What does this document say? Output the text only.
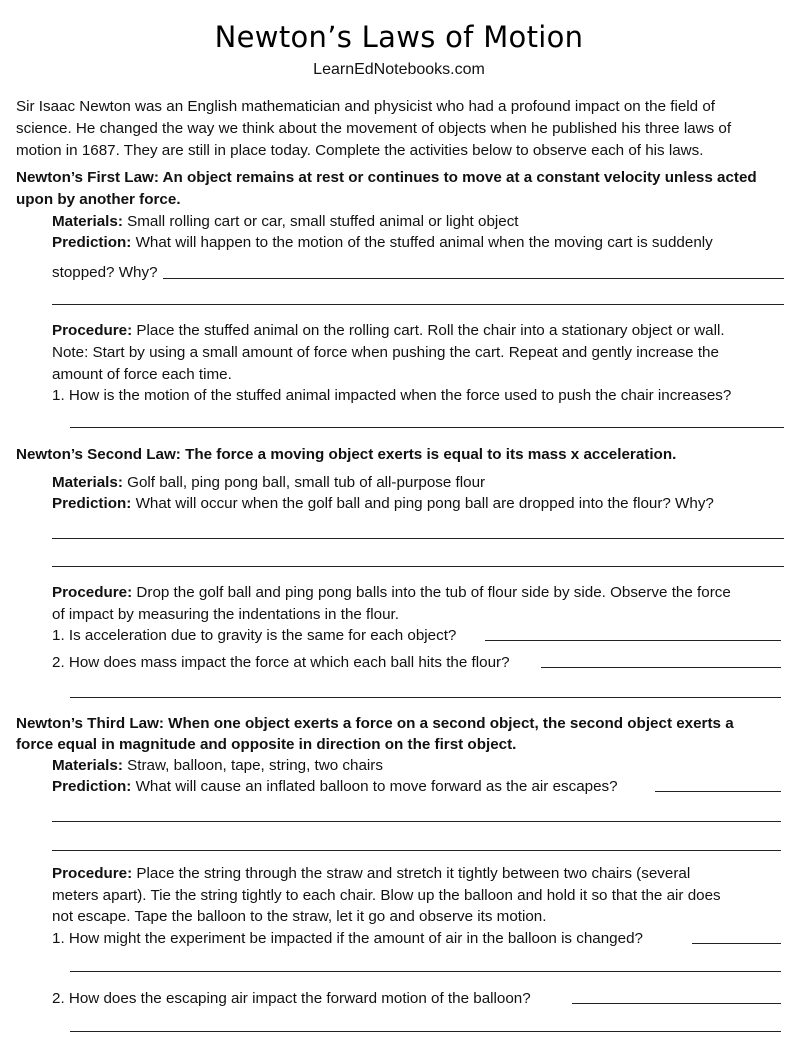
Newton’s Laws of Motion
LearnEdNotebooks.com
Sir Isaac Newton was an English mathematician and physicist who had a profound impact on the field of
science. He changed the way we think about the movement of objects when he published his three laws of
motion in 1687. They are still in place today. Complete the activities below to observe each of his laws.
Newton’s First Law: An object remains at rest or continues to move at a constant velocity unless acted
upon by another force.
Materials: Small rolling cart or car, small stuffed animal or light object
Prediction: What will happen to the motion of the stuffed animal when the moving cart is suddenly
stopped? Why?
Procedure: Place the stuffed animal on the rolling cart. Roll the chair into a stationary object or wall.
Note: Start by using a small amount of force when pushing the cart. Repeat and gently increase the
amount of force each time.
1. How is the motion of the stuffed animal impacted when the force used to push the chair increases?
Newton’s Second Law: The force a moving object exerts is equal to its mass x acceleration.
Materials: Golf ball, ping pong ball, small tub of all-purpose flour
Prediction: What will occur when the golf ball and ping pong ball are dropped into the flour? Why?
Procedure: Drop the golf ball and ping pong balls into the tub of flour side by side. Observe the force
of impact by measuring the indentations in the flour.
1. Is acceleration due to gravity is the same for each object?
2. How does mass impact the force at which each ball hits the flour?
Newton’s Third Law: When one object exerts a force on a second object, the second object exerts a
force equal in magnitude and opposite in direction on the first object.
Materials: Straw, balloon, tape, string, two chairs
Prediction: What will cause an inflated balloon to move forward as the air escapes?
Procedure: Place the string through the straw and stretch it tightly between two chairs (several
meters apart). Tie the string tightly to each chair. Blow up the balloon and hold it so that the air does
not escape. Tape the balloon to the straw, let it go and observe its motion.
1. How might the experiment be impacted if the amount of air in the balloon is changed?
2. How does the escaping air impact the forward motion of the balloon?
